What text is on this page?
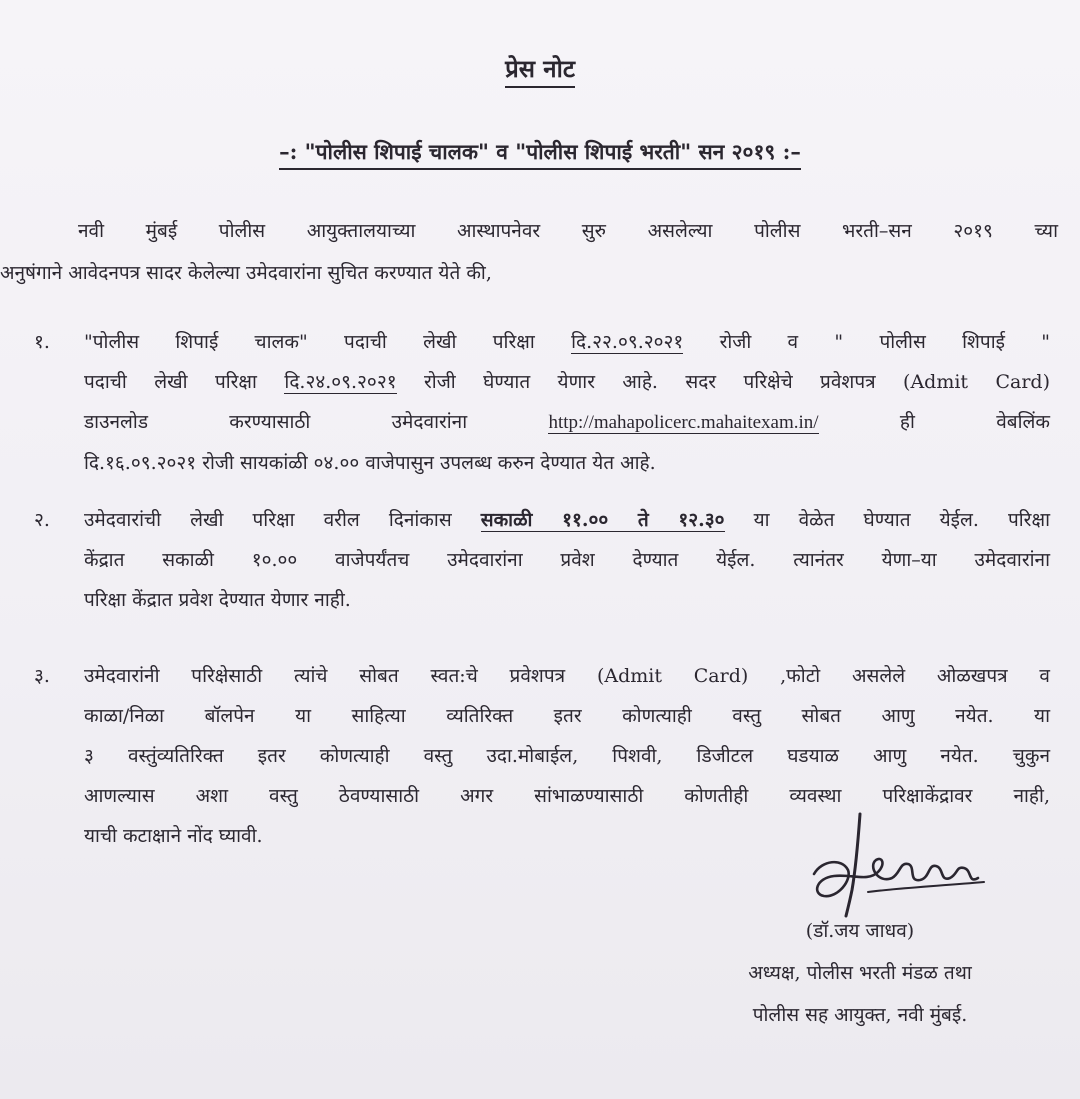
प्रेस नोट
–: "पोलीस शिपाई चालक" व "पोलीस शिपाई भरती" सन २०१९ :–
नवी मुंबई पोलीस आयुक्तालयाच्या आस्थापनेवर सुरु असलेल्या पोलीस भरती–सन २०१९ च्या
अनुषंगाने आवेदनपत्र सादर केलेल्या उमेदवारांना सुचित करण्यात येते की,
१. "पोलीस शिपाई चालक" पदाची लेखी परिक्षा दि.२२.०९.२०२१ रोजी व " पोलीस शिपाई "
पदाची लेखी परिक्षा दि.२४.०९.२०२१ रोजी घेण्यात येणार आहे. सदर परिक्षेचे प्रवेशपत्र (Admit Card)
डाउनलोड करण्यासाठी उमेदवारांना	http://mahapolicerc.mahaitexam.in/	ही वेबलिंक
दि.१६.०९.२०२१ रोजी सायकांळी ०४.०० वाजेपासुन उपलब्ध करुन देण्यात येत आहे.
२. उमेदवारांची लेखी परिक्षा वरील दिनांकास सकाळी ११.०० ते १२.३० या वेळेत घेण्यात येईल. परिक्षा
केंद्रात सकाळी १०.०० वाजेपर्यंतच उमेदवारांना प्रवेश देण्यात येईल. त्यानंतर येणा–या उमेदवारांना
परिक्षा केंद्रात प्रवेश देण्यात येणार नाही.
३. उमेदवारांनी परिक्षेसाठी त्यांचे सोबत स्वत:चे प्रवेशपत्र (Admit Card) ,फोटो असलेले ओळखपत्र व
काळा/निळा बॉलपेन या साहित्या व्यतिरिक्त इतर कोणत्याही वस्तु सोबत आणु नयेत. या
३ वस्तुंव्यतिरिक्त इतर कोणत्याही वस्तु उदा.मोबाईल, पिशवी, डिजीटल घडयाळ आणु नयेत. चुकुन
आणल्यास अशा वस्तु ठेवण्यासाठी अगर सांभाळण्यासाठी कोणतीही व्यवस्था परिक्षाकेंद्रावर नाही,
याची कटाक्षाने नोंद घ्यावी.
(डॉ.जय जाधव)
अध्यक्ष, पोलीस भरती मंडळ तथा
पोलीस सह आयुक्त, नवी मुंबई.
